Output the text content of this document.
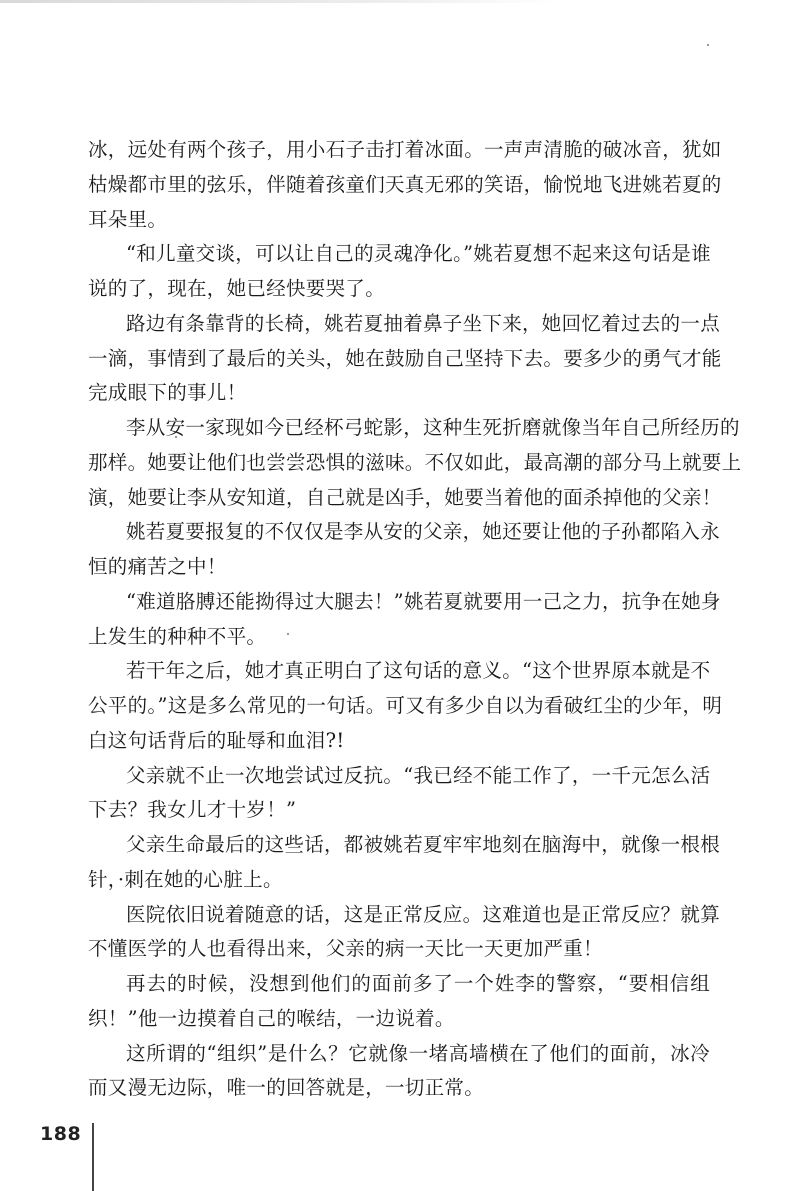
冰，远处有两个孩子，用小石子击打着冰面。一声声清脆的破冰音，犹如
枯燥都市里的弦乐，伴随着孩童们天真无邪的笑语，愉悦地飞进姚若夏的
耳朵里。
“和儿童交谈，可以让自己的灵魂净化。”姚若夏想不起来这句话是谁
说的了，现在，她已经快要哭了。
路边有条靠背的长椅，姚若夏抽着鼻子坐下来，她回忆着过去的一点
一滴，事情到了最后的关头，她在鼓励自己坚持下去。要多少的勇气才能
完成眼下的事儿！
李从安一家现如今已经杯弓蛇影，这种生死折磨就像当年自己所经历的
那样。她要让他们也尝尝恐惧的滋味。不仅如此，最高潮的部分马上就要上
演，她要让李从安知道，自己就是凶手，她要当着他的面杀掉他的父亲！
姚若夏要报复的不仅仅是李从安的父亲，她还要让他的子孙都陷入永
恒的痛苦之中！
“难道胳膊还能拗得过大腿去！”姚若夏就要用一己之力，抗争在她身
上发生的种种不平。
若干年之后，她才真正明白了这句话的意义。“这个世界原本就是不
公平的。”这是多么常见的一句话。可又有多少自以为看破红尘的少年，明
白这句话背后的耻辱和血泪?!
父亲就不止一次地尝试过反抗。“我已经不能工作了，一千元怎么活
下去？我女儿才十岁！”
父亲生命最后的这些话，都被姚若夏牢牢地刻在脑海中，就像一根根
针，·刺在她的心脏上。
医院依旧说着随意的话，这是正常反应。这难道也是正常反应？就算
不懂医学的人也看得出来，父亲的病一天比一天更加严重！
再去的时候，没想到他们的面前多了一个姓李的警察，“要相信组
织！”他一边摸着自己的喉结，一边说着。
这所谓的“组织”是什么？它就像一堵高墙横在了他们的面前，冰冷
而又漫无边际，唯一的回答就是，一切正常。
188
